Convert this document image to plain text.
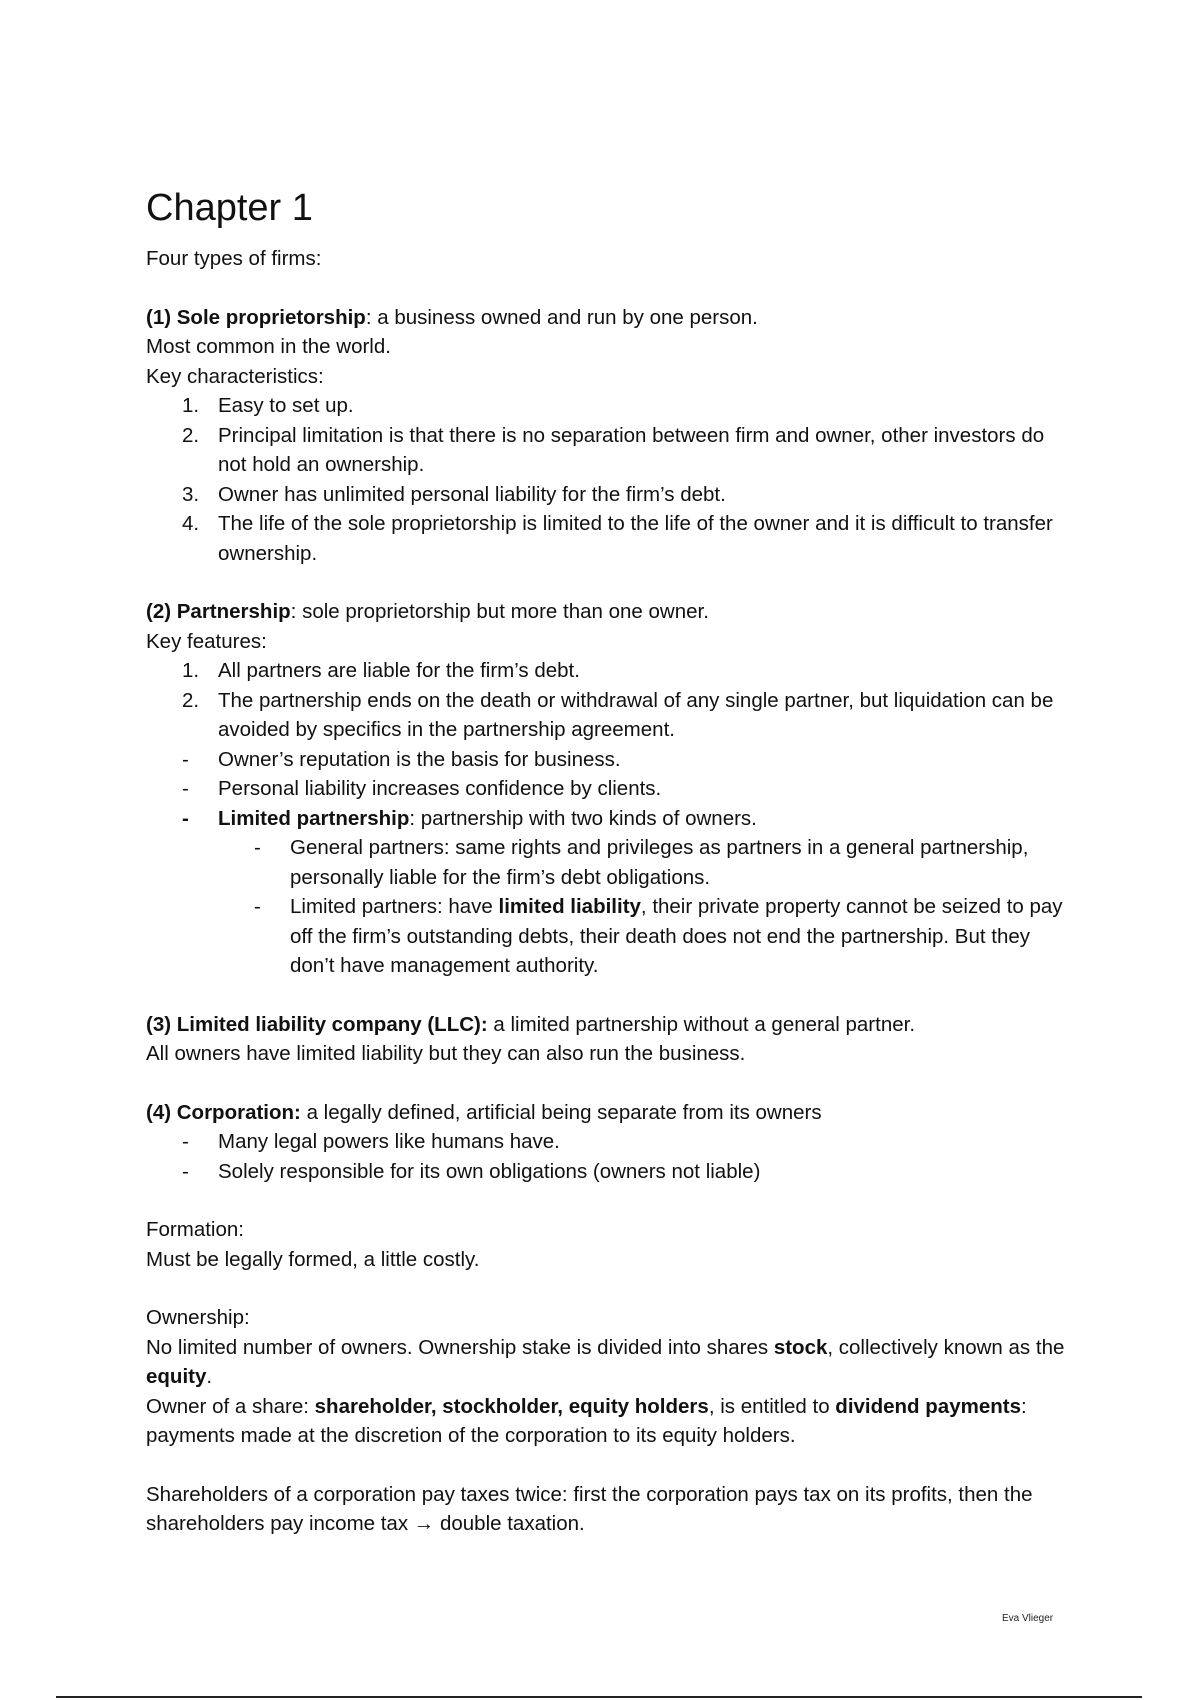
Chapter 1

Four types of firms:

(1) Sole proprietorship: a business owned and run by one person.

Most common in the world.

Key characteristics:

1. Easy to set up.
2. Principal limitation is that there is no separation between firm and owner, other investors do not hold an ownership.
3. Owner has unlimited personal liability for the firm’s debt.
4. The life of the sole proprietorship is limited to the life of the owner and it is difficult to transfer ownership.

(2) Partnership: sole proprietorship but more than one owner.

Key features:

1. All partners are liable for the firm’s debt.
2. The partnership ends on the death or withdrawal of any single partner, but liquidation can be avoided by specifics in the partnership agreement.
-	Owner’s reputation is the basis for business.
-	Personal liability increases confidence by clients.
-	Limited partnership: partnership with two kinds of owners.
-	General partners: same rights and privileges as partners in a general partnership, personally liable for the firm’s debt obligations.
-	Limited partners: have limited liability, their private property cannot be seized to pay off the firm’s outstanding debts, their death does not end the partnership. But they don’t have management authority.

(3) Limited liability company (LLC): a limited partnership without a general partner.

All owners have limited liability but they can also run the business.

(4) Corporation: a legally defined, artificial being separate from its owners

-	Many legal powers like humans have.
-	Solely responsible for its own obligations (owners not liable)

Formation:

Must be legally formed, a little costly.

Ownership:

No limited number of owners. Ownership stake is divided into shares stock, collectively known as the equity.

Owner of a share: shareholder, stockholder, equity holders, is entitled to dividend payments: payments made at the discretion of the corporation to its equity holders.

Shareholders of a corporation pay taxes twice: first the corporation pays tax on its profits, then the shareholders pay income tax → double taxation.

Eva Vlieger
